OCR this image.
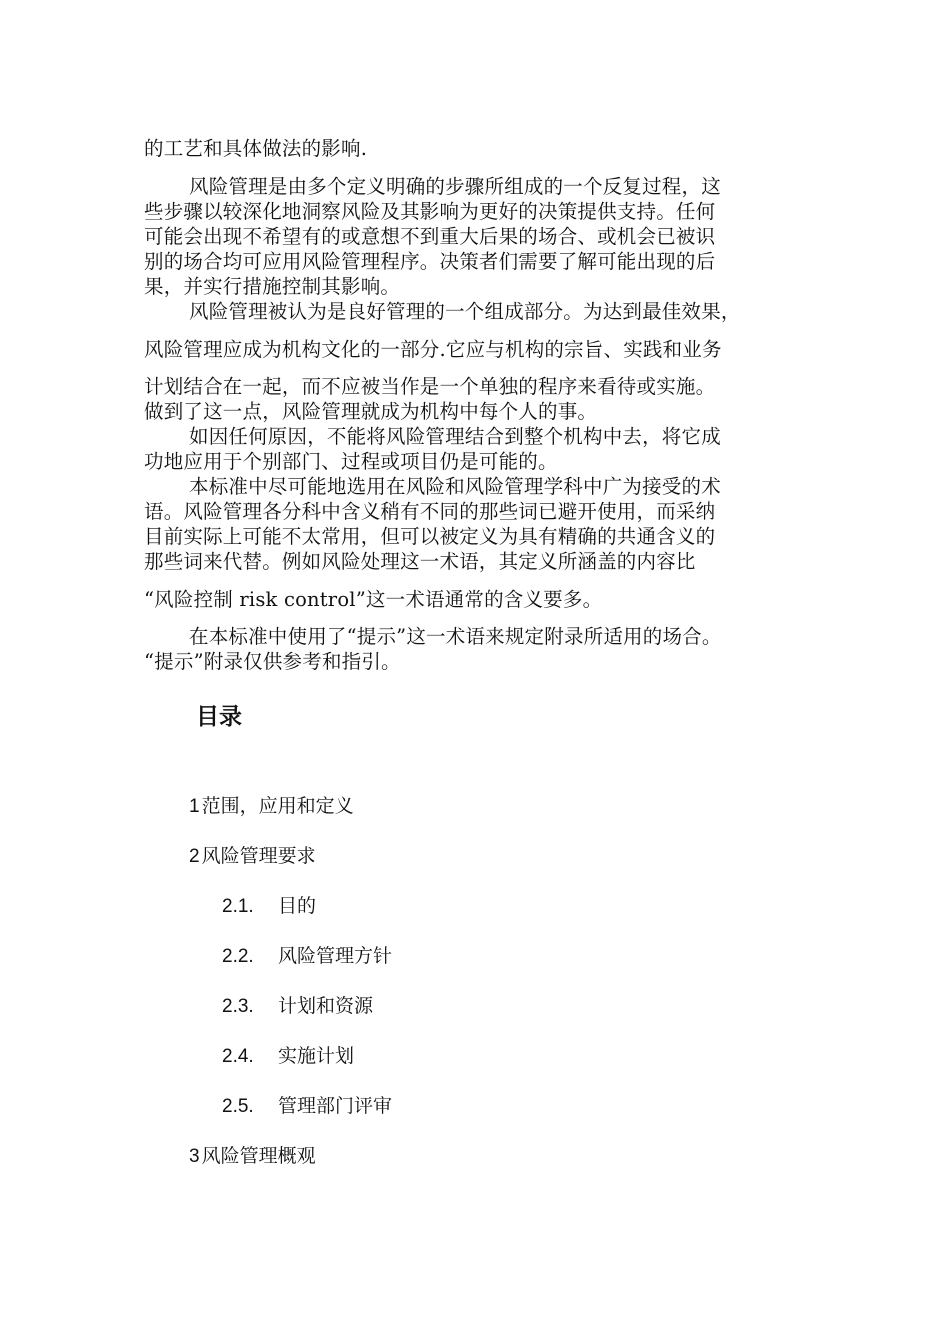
的工艺和具体做法的影响.
风险管理是由多个定义明确的步骤所组成的一个反复过程，这
些步骤以较深化地洞察风险及其影响为更好的决策提供支持。任何
可能会出现不希望有的或意想不到重大后果的场合、或机会已被识
别的场合均可应用风险管理程序。决策者们需要了解可能出现的后
果，并实行措施控制其影响。
风险管理被认为是良好管理的一个组成部分。为达到最佳效果，
风险管理应成为机构文化的一部分.它应与机构的宗旨、实践和业务
计划结合在一起，而不应被当作是一个单独的程序来看待或实施。
做到了这一点，风险管理就成为机构中每个人的事。
如因任何原因，不能将风险管理结合到整个机构中去，将它成
功地应用于个别部门、过程或项目仍是可能的。
本标准中尽可能地选用在风险和风险管理学科中广为接受的术
语。风险管理各分科中含义稍有不同的那些词已避开使用，而采纳
目前实际上可能不太常用，但可以被定义为具有精确的共通含义的
那些词来代替。例如风险处理这一术语，其定义所涵盖的内容比
“风险控制 risk control”这一术语通常的含义要多。
在本标准中使用了“提示”这一术语来规定附录所适用的场合。
“提示”附录仅供参考和指引。
目录
1 范围，应用和定义
2 风险管理要求
2.1. 目的
2.2. 风险管理方针
2.3. 计划和资源
2.4. 实施计划
2.5. 管理部门评审
3 风险管理概观
